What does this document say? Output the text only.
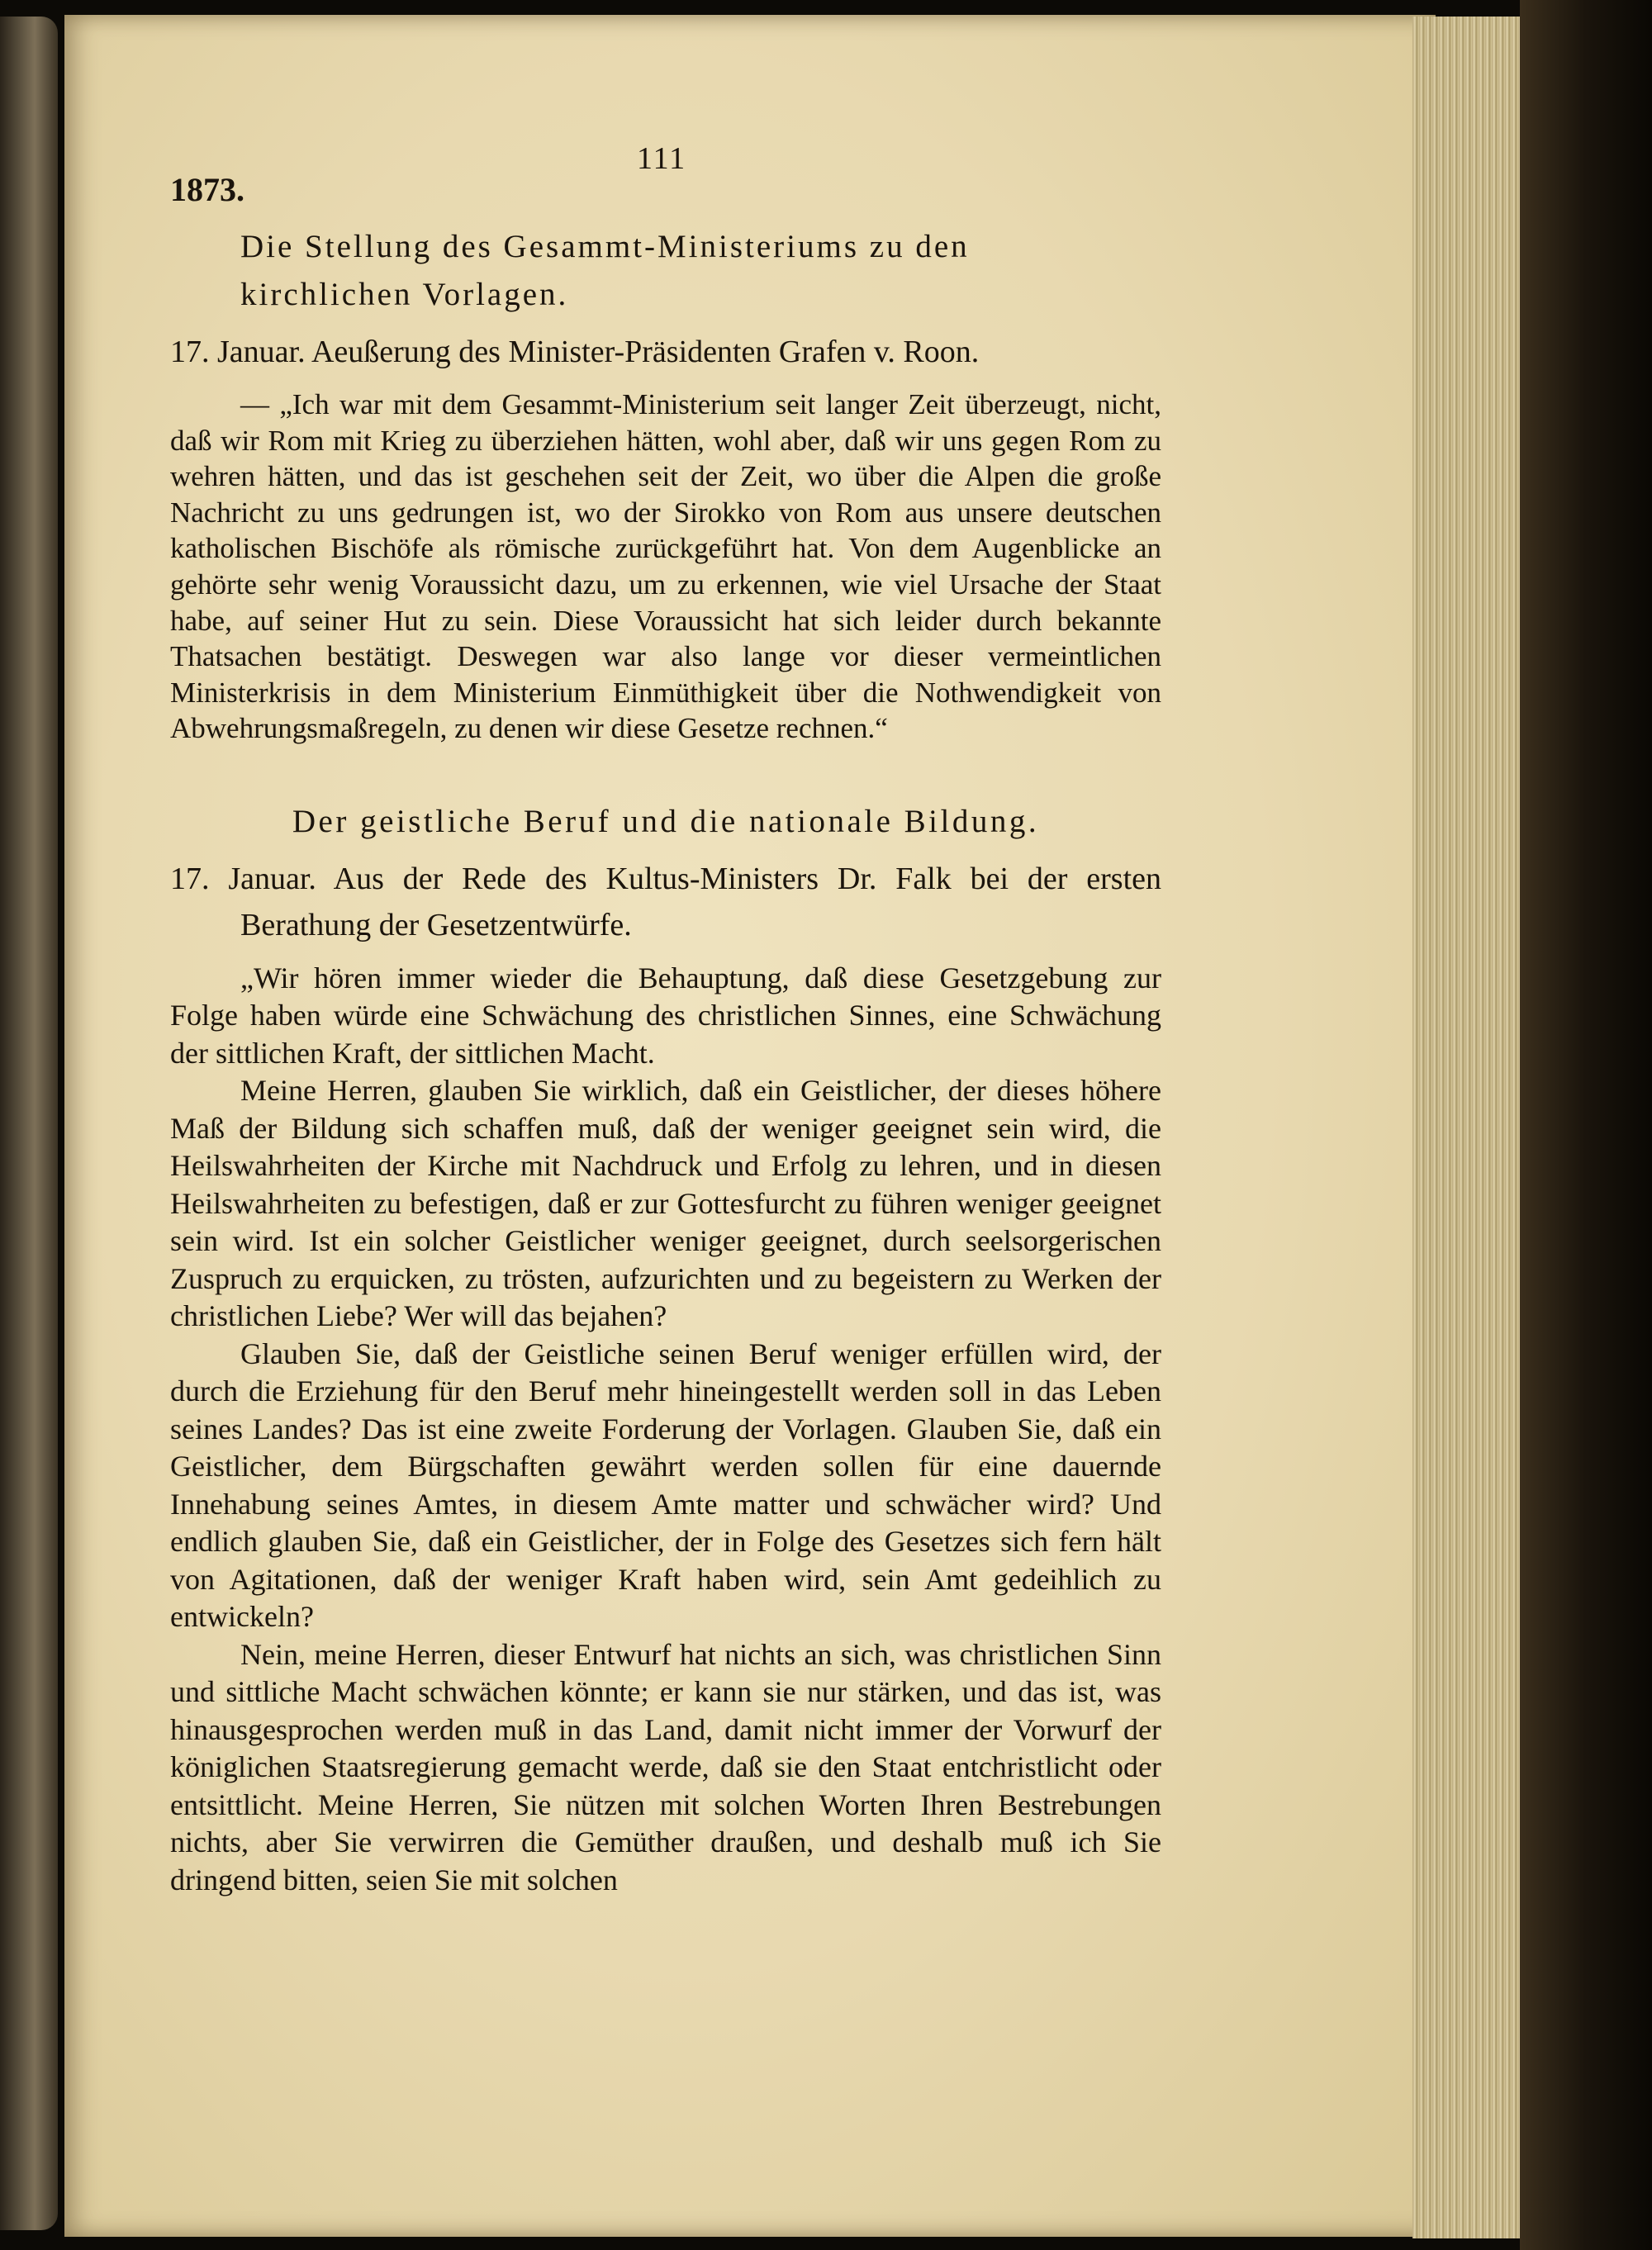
1873.
111
Die Stellung des Gesammt-Ministeriums zu den kirchlichen Vorlagen.
17. Januar. Aeußerung des Minister-Präsidenten Grafen v. Roon.

— „Ich war mit dem Gesammt-Ministerium seit langer Zeit überzeugt, nicht, daß wir Rom mit Krieg zu überziehen hätten, wohl aber, daß wir uns gegen Rom zu wehren hätten, und das ist geschehen seit der Zeit, wo über die Alpen die große Nachricht zu uns gedrungen ist, wo der Sirokko von Rom aus unsere deutschen katholischen Bischöfe als römische zurückgeführt hat. Von dem Augenblicke an gehörte sehr wenig Voraussicht dazu, um zu erkennen, wie viel Ursache der Staat habe, auf seiner Hut zu sein. Diese Voraussicht hat sich leider durch bekannte Thatsachen bestätigt. Deswegen war also lange vor dieser vermeintlichen Ministerkrisis in dem Ministerium Einmüthigkeit über die Nothwendigkeit von Abwehrungsmaßregeln, zu denen wir diese Gesetze rechnen.“

Der geistliche Beruf und die nationale Bildung.
17. Januar. Aus der Rede des Kultus-Ministers Dr. Falk bei der ersten Berathung der Gesetzentwürfe.

„Wir hören immer wieder die Behauptung, daß diese Gesetzgebung zur Folge haben würde eine Schwächung des christlichen Sinnes, eine Schwächung der sittlichen Kraft, der sittlichen Macht.

Meine Herren, glauben Sie wirklich, daß ein Geistlicher, der dieses höhere Maß der Bildung sich schaffen muß, daß der weniger geeignet sein wird, die Heilswahrheiten der Kirche mit Nachdruck und Erfolg zu lehren, und in diesen Heilswahrheiten zu befestigen, daß er zur Gottesfurcht zu führen weniger geeignet sein wird. Ist ein solcher Geistlicher weniger geeignet, durch seelsorgerischen Zuspruch zu erquicken, zu trösten, aufzurichten und zu begeistern zu Werken der christlichen Liebe? Wer will das bejahen?

Glauben Sie, daß der Geistliche seinen Beruf weniger erfüllen wird, der durch die Erziehung für den Beruf mehr hineingestellt werden soll in das Leben seines Landes? Das ist eine zweite Forderung der Vorlagen. Glauben Sie, daß ein Geistlicher, dem Bürgschaften gewährt werden sollen für eine dauernde Innehabung seines Amtes, in diesem Amte matter und schwächer wird? Und endlich glauben Sie, daß ein Geistlicher, der in Folge des Gesetzes sich fern hält von Agitationen, daß der weniger Kraft haben wird, sein Amt gedeihlich zu entwickeln?

Nein, meine Herren, dieser Entwurf hat nichts an sich, was christlichen Sinn und sittliche Macht schwächen könnte; er kann sie nur stärken, und das ist, was hinausgesprochen werden muß in das Land, damit nicht immer der Vorwurf der königlichen Staatsregierung gemacht werde, daß sie den Staat entchristlicht oder entsittlicht. Meine Herren, Sie nützen mit solchen Worten Ihren Bestrebungen nichts, aber Sie verwirren die Gemüther draußen, und deshalb muß ich Sie dringend bitten, seien Sie mit solchen
